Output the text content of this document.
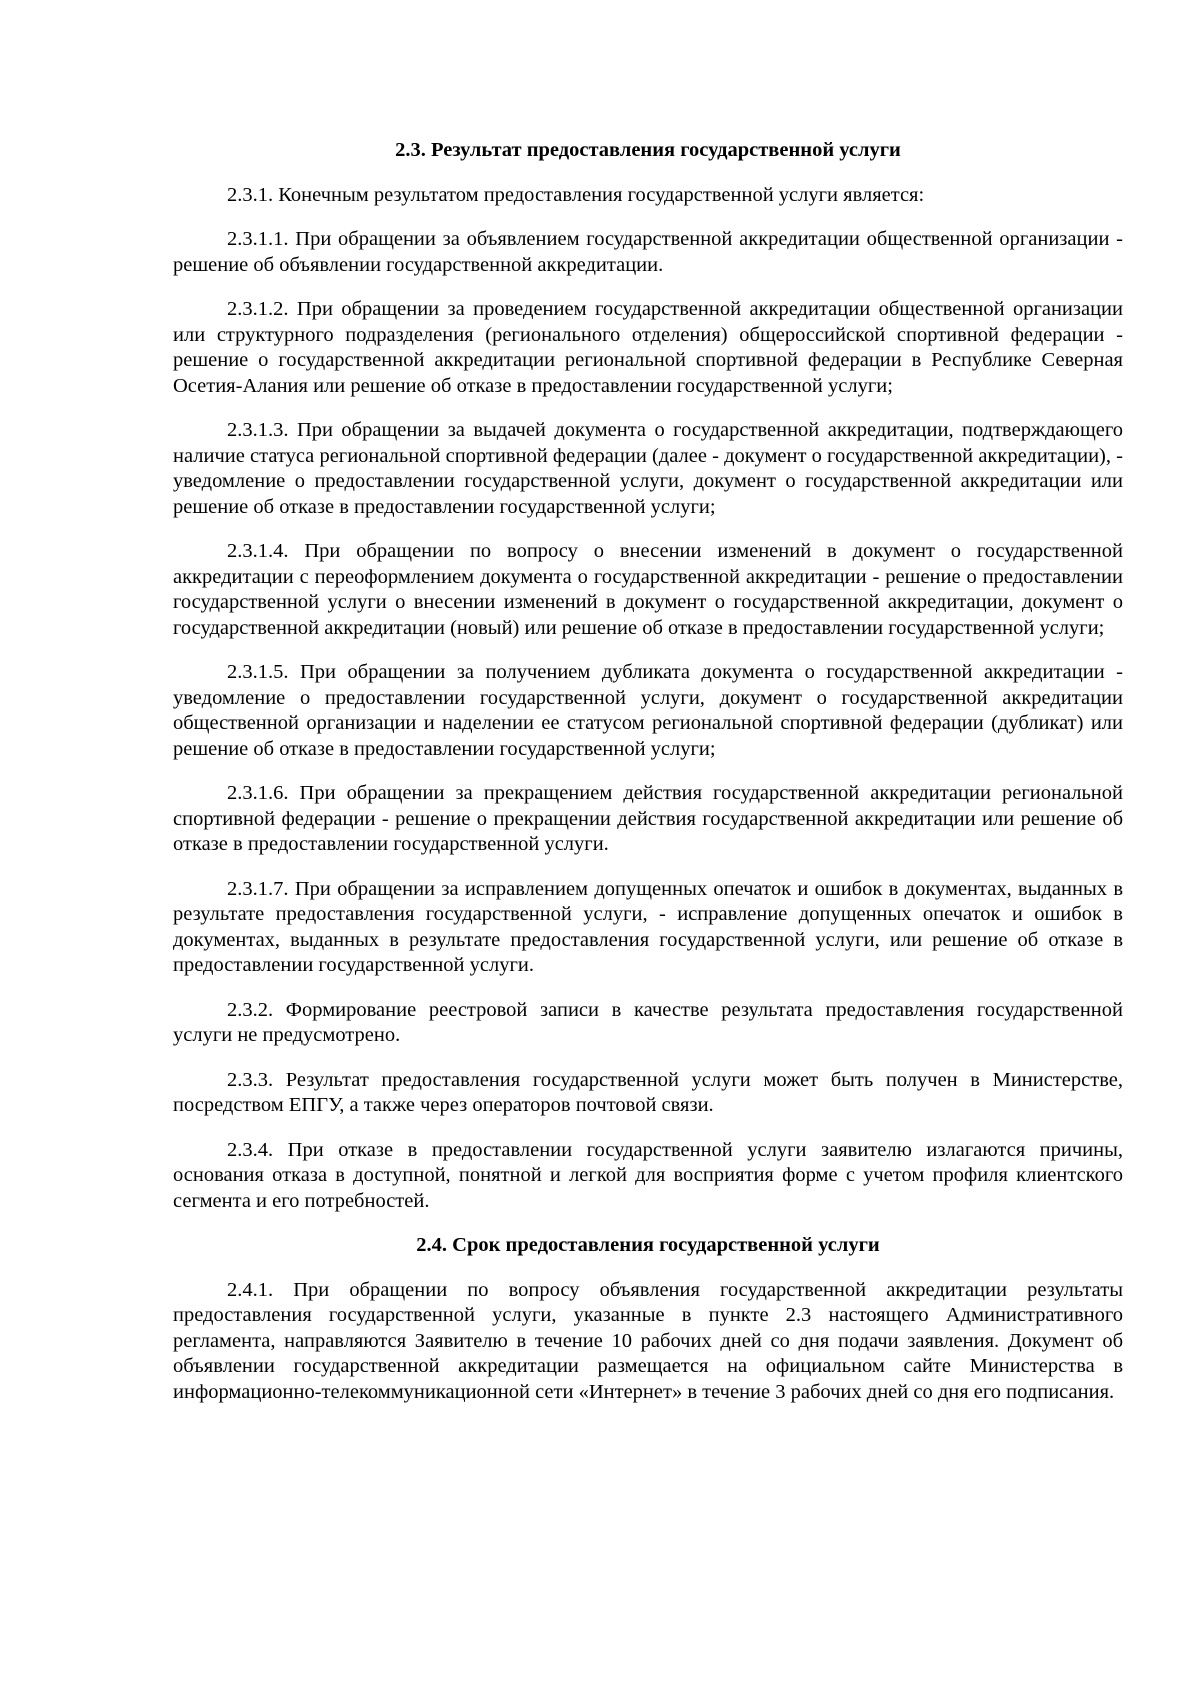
2.3. Результат предоставления государственной услуги

2.3.1. Конечным результатом предоставления государственной услуги является:

2.3.1.1. При обращении за объявлением государственной аккредитации общественной организации - решение об объявлении государственной аккредитации.

2.3.1.2. При обращении за проведением государственной аккредитации общественной организации или структурного подразделения (регионального отделения) общероссийской спортивной федерации - решение о государственной аккредитации региональной спортивной федерации в Республике Северная Осетия-Алания или решение об отказе в предоставлении государственной услуги;

2.3.1.3. При обращении за выдачей документа о государственной аккредитации, подтверждающего наличие статуса региональной спортивной федерации (далее - документ о государственной аккредитации), - уведомление о предоставлении государственной услуги, документ о государственной аккредитации или решение об отказе в предоставлении государственной услуги;

2.3.1.4. При обращении по вопросу о внесении изменений в документ о государственной аккредитации с переоформлением документа о государственной аккредитации - решение о предоставлении государственной услуги о внесении изменений в документ о государственной аккредитации, документ о государственной аккредитации (новый) или решение об отказе в предоставлении государственной услуги;

2.3.1.5. При обращении за получением дубликата документа о государственной аккредитации - уведомление о предоставлении государственной услуги, документ о государственной аккредитации общественной организации и наделении ее статусом региональной спортивной федерации (дубликат) или решение об отказе в предоставлении государственной услуги;

2.3.1.6. При обращении за прекращением действия государственной аккредитации региональной спортивной федерации - решение о прекращении действия государственной аккредитации или решение об отказе в предоставлении государственной услуги.

2.3.1.7. При обращении за исправлением допущенных опечаток и ошибок в документах, выданных в результате предоставления государственной услуги, - исправление допущенных опечаток и ошибок в документах, выданных в результате предоставления государственной услуги, или решение об отказе в предоставлении государственной услуги.

2.3.2. Формирование реестровой записи в качестве результата предоставления государственной услуги не предусмотрено.

2.3.3. Результат предоставления государственной услуги может быть получен в Министерстве, посредством ЕПГУ, а также через операторов почтовой связи.

2.3.4. При отказе в предоставлении государственной услуги заявителю излагаются причины, основания отказа в доступной, понятной и легкой для восприятия форме с учетом профиля клиентского сегмента и его потребностей.

2.4. Срок предоставления государственной услуги

2.4.1. При обращении по вопросу объявления государственной аккредитации результаты предоставления государственной услуги, указанные в пункте 2.3 настоящего Административного регламента, направляются Заявителю в течение 10 рабочих дней со дня подачи заявления. Документ об объявлении государственной аккредитации размещается на официальном сайте Министерства в информационно-телекоммуникационной сети «Интернет» в течение 3 рабочих дней со дня его подписания.
